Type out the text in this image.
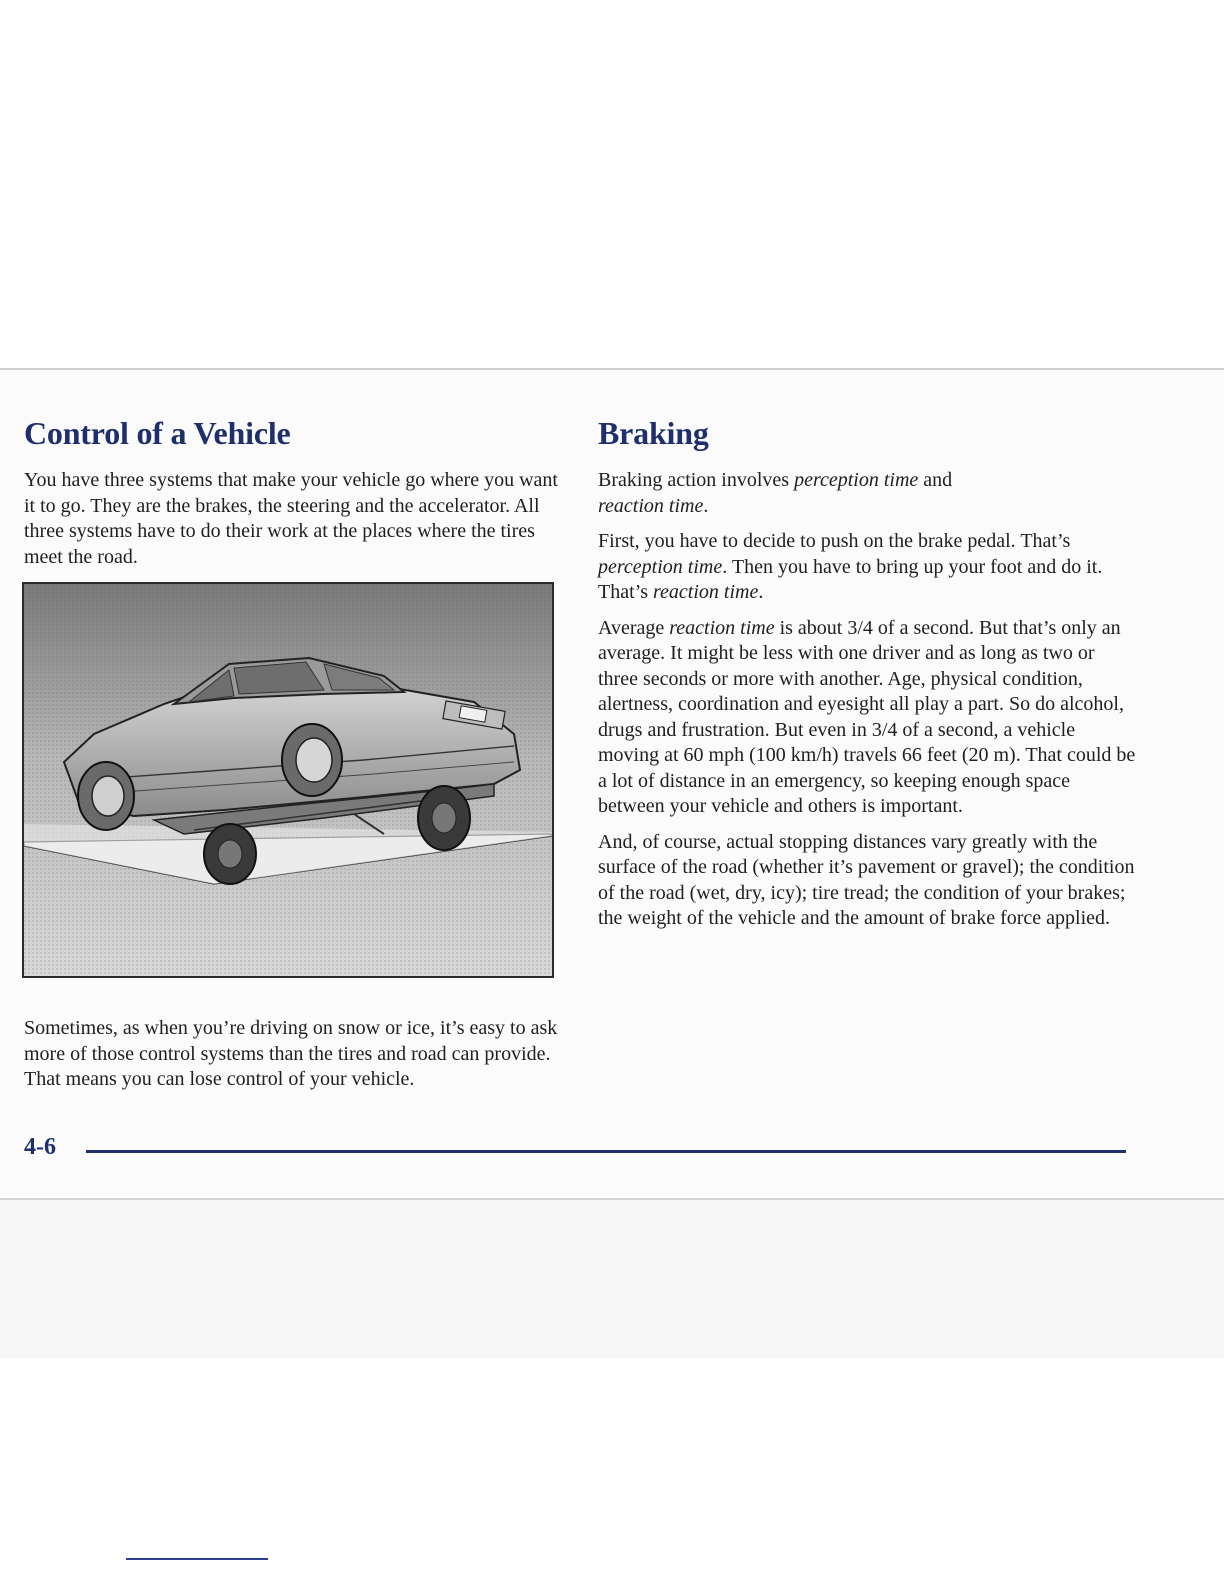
Control of a Vehicle

You have three systems that make your vehicle go where you want it to go. They are the brakes, the steering and the accelerator. All three systems have to do their work at the places where the tires meet the road.

Sometimes, as when you’re driving on snow or ice, it’s easy to ask more of those control systems than the tires and road can provide. That means you can lose control of your vehicle.

Braking

Braking action involves perception time and
reaction time.

First, you have to decide to push on the brake pedal. That’s perception time. Then you have to bring up your foot and do it. That’s reaction time.

Average reaction time is about 3/4 of a second. But that’s only an average. It might be less with one driver and as long as two or three seconds or more with another. Age, physical condition, alertness, coordination and eyesight all play a part. So do alcohol, drugs and frustration. But even in 3/4 of a second, a vehicle moving at 60 mph (100 km/h) travels 66 feet (20 m). That could be a lot of distance in an emergency, so keeping enough space between your vehicle and others is important.

And, of course, actual stopping distances vary greatly with the surface of the road (whether it’s pavement or gravel); the condition of the road (wet, dry, icy); tire tread; the condition of your brakes; the weight of the vehicle and the amount of brake force applied.

4-6
